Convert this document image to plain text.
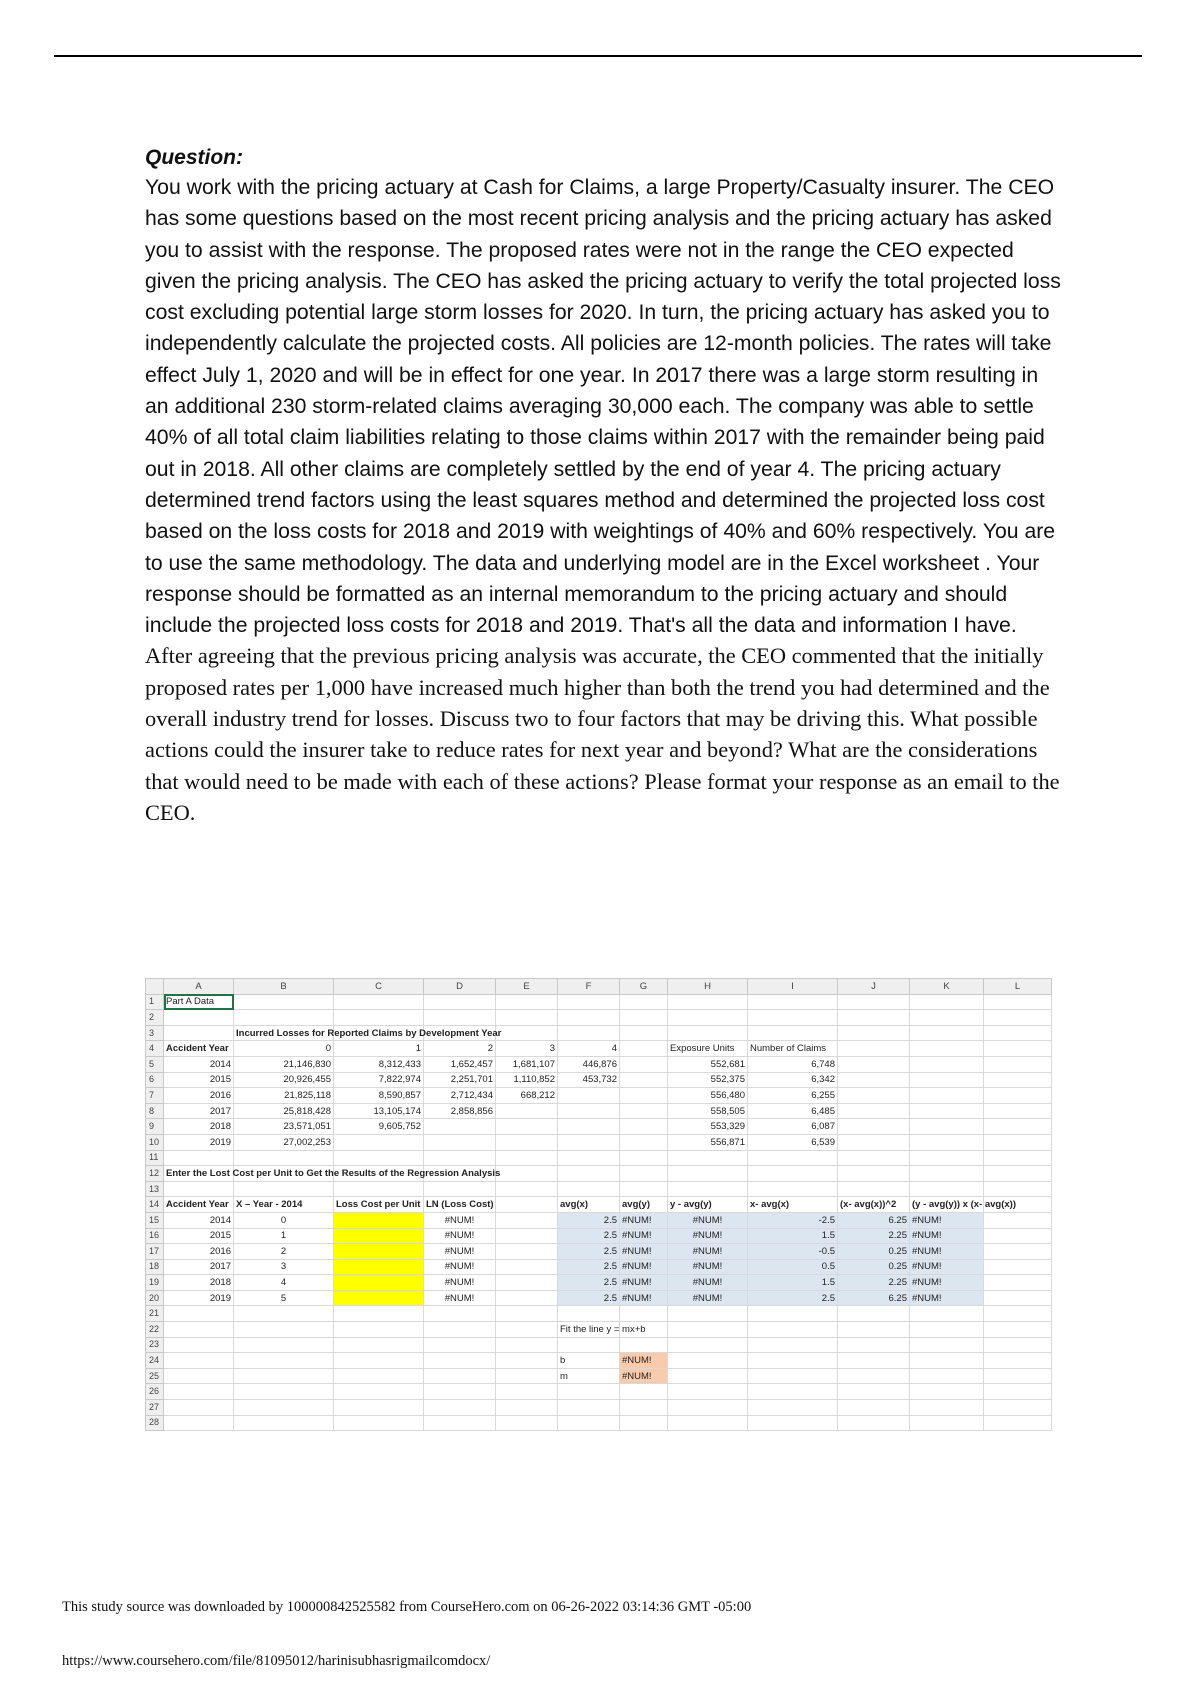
Question:

You work with the pricing actuary at Cash for Claims, a large Property/Casualty insurer. The CEO has some questions based on the most recent pricing analysis and the pricing actuary has asked you to assist with the response. The proposed rates were not in the range the CEO expected given the pricing analysis. The CEO has asked the pricing actuary to verify the total projected loss cost excluding potential large storm losses for 2020. In turn, the pricing actuary has asked you to independently calculate the projected costs. All policies are 12-month policies. The rates will take effect July 1, 2020 and will be in effect for one year. In 2017 there was a large storm resulting in an additional 230 storm-related claims averaging 30,000 each. The company was able to settle 40% of all total claim liabilities relating to those claims within 2017 with the remainder being paid out in 2018. All other claims are completely settled by the end of year 4. The pricing actuary determined trend factors using the least squares method and determined the projected loss cost based on the loss costs for 2018 and 2019 with weightings of 40% and 60% respectively. You are to use the same methodology. The data and underlying model are in the Excel worksheet . Your response should be formatted as an internal memorandum to the pricing actuary and should include the projected loss costs for 2018 and 2019. That's all the data and information I have. After agreeing that the previous pricing analysis was accurate, the CEO commented that the initially proposed rates per 1,000 have increased much higher than both the trend you had determined and the overall industry trend for losses. Discuss two to four factors that may be driving this. What possible actions could the insurer take to reduce rates for next year and beyond? What are the considerations that would need to be made with each of these actions? Please format your response as an email to the CEO.

	A	B	C	D	E	F	G	H	I	J	K	L
1	Part A Data											
2												
3		Incurred Losses for Reported Claims by Development Year										
4	Accident Year	0	1	2	3	4		Exposure Units	Number of Claims			
5	2014	21,146,830	8,312,433	1,652,457	1,681,107	446,876		552,681	6,748			
6	2015	20,926,455	7,822,974	2,251,701	1,110,852	453,732		552,375	6,342			
7	2016	21,825,118	8,590,857	2,712,434	668,212			556,480	6,255			
8	2017	25,818,428	13,105,174	2,858,856				558,505	6,485			
9	2018	23,571,051	9,605,752					553,329	6,087			
10	2019	27,002,253						556,871	6,539			
11												
12	Enter the Lost Cost per Unit to Get the Results of the Regression Analysis											
13												
14	Accident Year	X – Year - 2014	Loss Cost per Unit	LN (Loss Cost)		avg(x)	avg(y)	y - avg(y)	x- avg(x)	(x- avg(x))^2	(y - avg(y)) x (x- avg(x))	
15	2014	0		#NUM!		2.5	#NUM!	#NUM!	-2.5	6.25	#NUM!	
16	2015	1		#NUM!		2.5	#NUM!	#NUM!	1.5	2.25	#NUM!	
17	2016	2		#NUM!		2.5	#NUM!	#NUM!	-0.5	0.25	#NUM!	
18	2017	3		#NUM!		2.5	#NUM!	#NUM!	0.5	0.25	#NUM!	
19	2018	4		#NUM!		2.5	#NUM!	#NUM!	1.5	2.25	#NUM!	
20	2019	5		#NUM!		2.5	#NUM!	#NUM!	2.5	6.25	#NUM!	
21												
22						Fit the line y = mx+b						
23												
24						b	#NUM!					
25						m	#NUM!					
26												
27												
28												
This study source was downloaded by 100000842525582 from CourseHero.com on 06-26-2022 03:14:36 GMT -05:00
https://www.coursehero.com/file/81095012/harinisubhasrigmailcomdocx/
